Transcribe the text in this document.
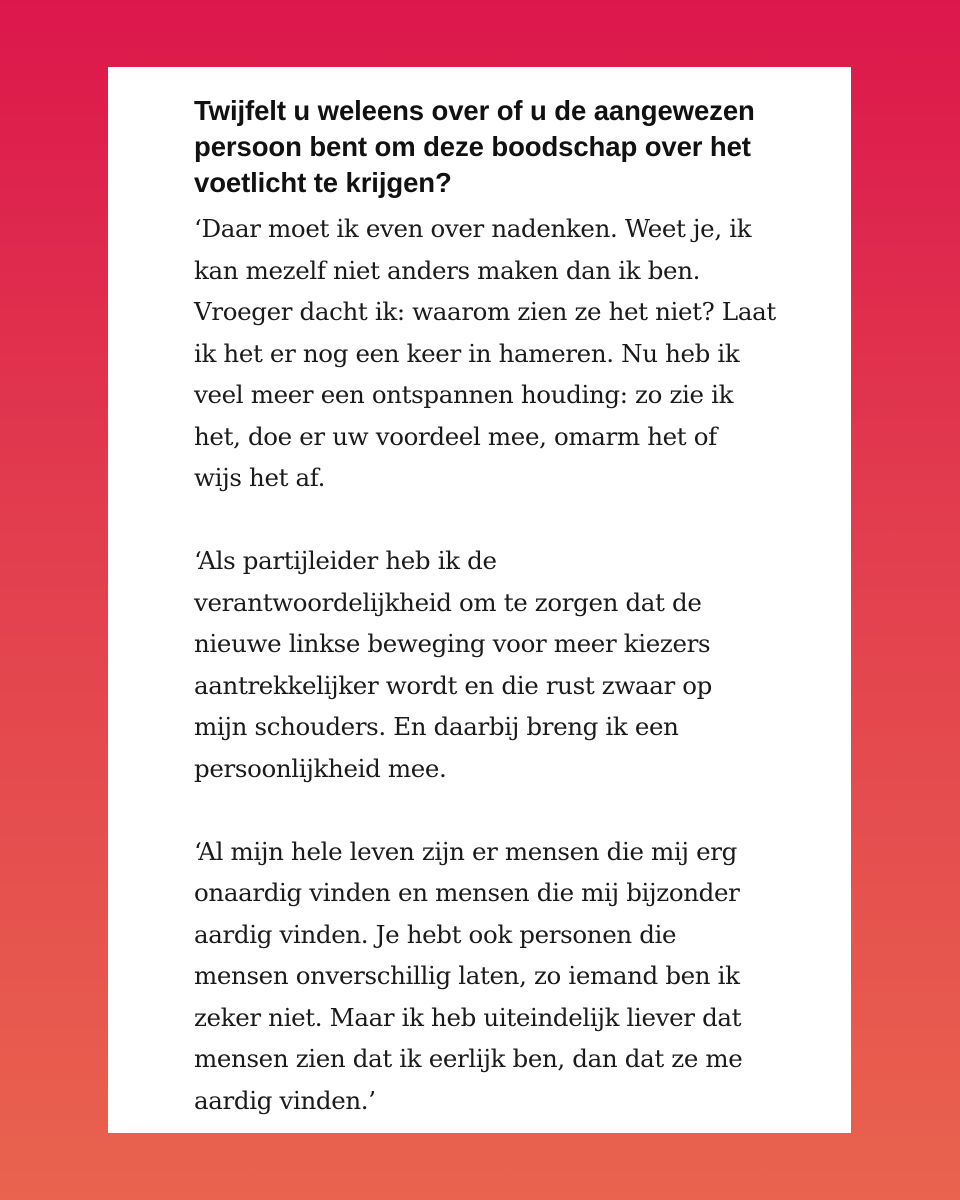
Twijfelt u weleens over of u de aangewezen persoon bent om deze boodschap over het voetlicht te krijgen?

‘Daar moet ik even over nadenken. Weet je, ik
kan mezelf niet anders maken dan ik ben.
Vroeger dacht ik: waarom zien ze het niet? Laat
ik het er nog een keer in hameren. Nu heb ik
veel meer een ontspannen houding: zo zie ik
het, doe er uw voordeel mee, omarm het of
wijs het af.

‘Als partijleider heb ik de
verantwoordelijkheid om te zorgen dat de
nieuwe linkse beweging voor meer kiezers
aantrekkelijker wordt en die rust zwaar op
mijn schouders. En daarbij breng ik een
persoonlijkheid mee.

‘Al mijn hele leven zijn er mensen die mij erg
onaardig vinden en mensen die mij bijzonder
aardig vinden. Je hebt ook personen die
mensen onverschillig laten, zo iemand ben ik
zeker niet. Maar ik heb uiteindelijk liever dat
mensen zien dat ik eerlijk ben, dan dat ze me
aardig vinden.’
